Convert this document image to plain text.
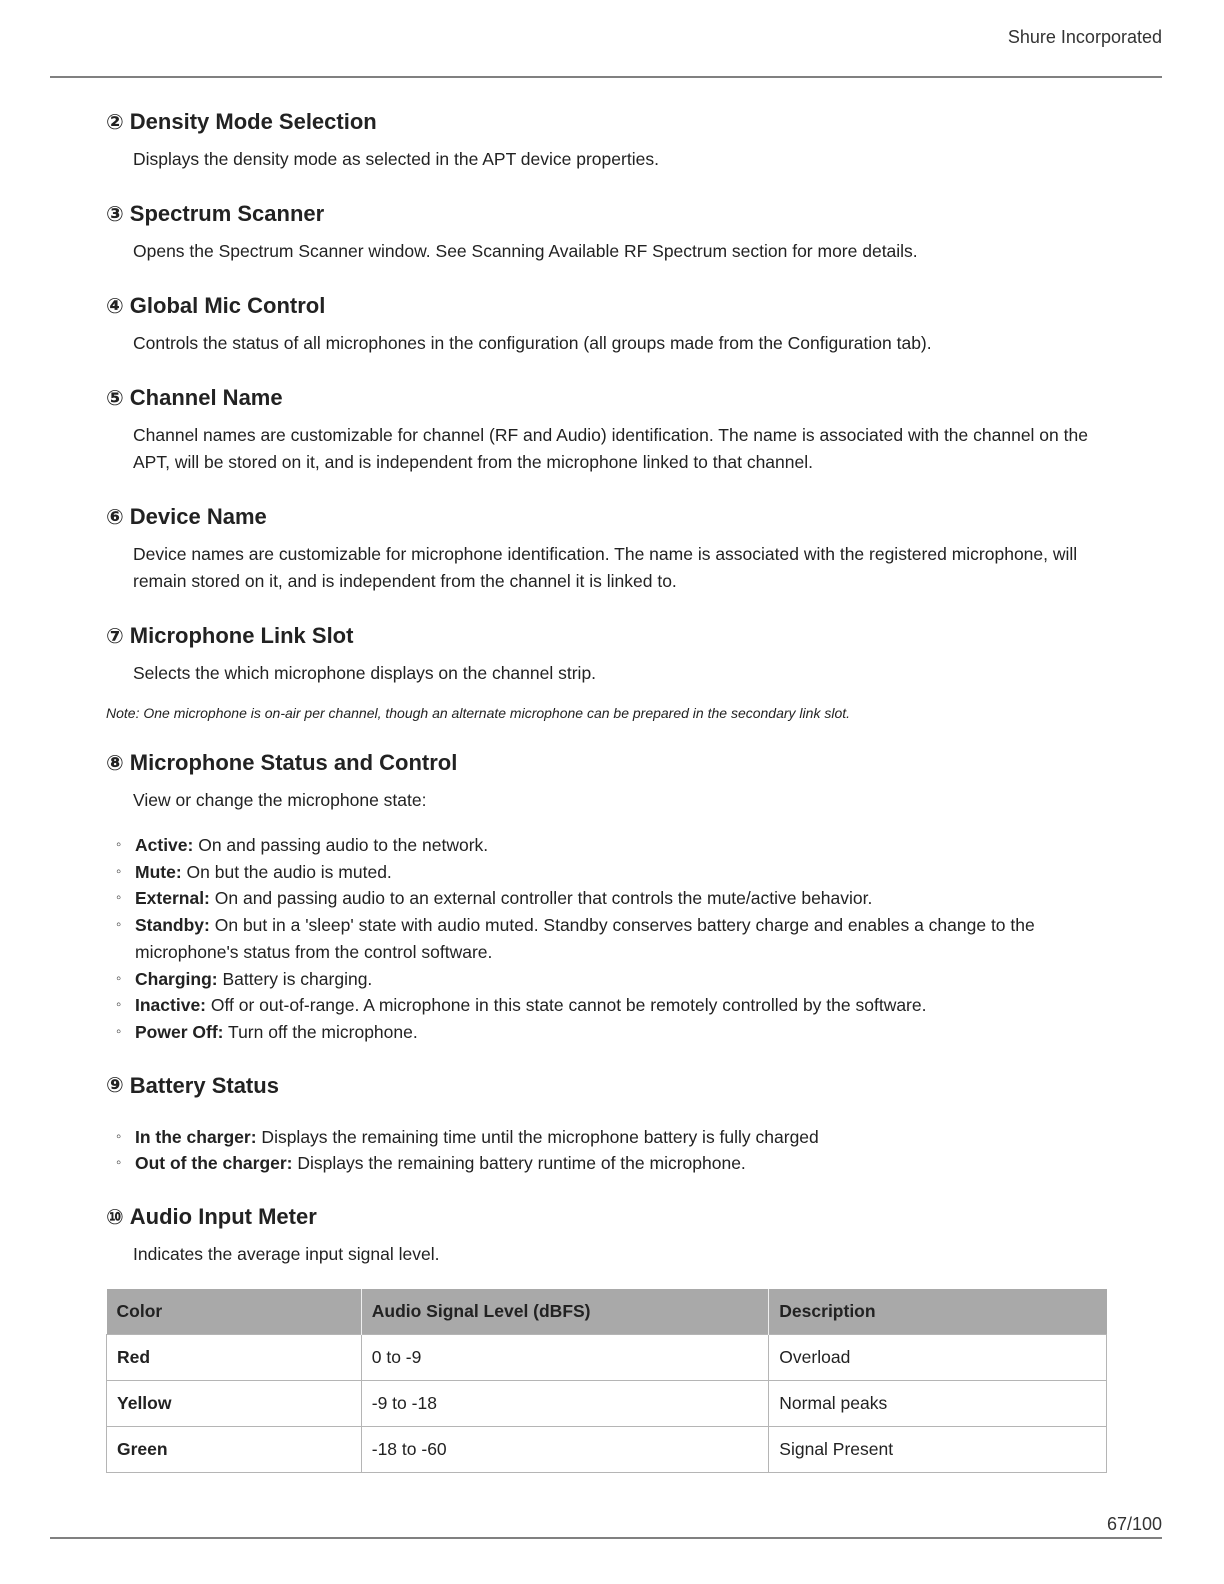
Shure Incorporated
② Density Mode Selection

Displays the density mode as selected in the APT device properties.

③ Spectrum Scanner

Opens the Spectrum Scanner window. See Scanning Available RF Spectrum section for more details.

④ Global Mic Control

Controls the status of all microphones in the configuration (all groups made from the Configuration tab).

⑤ Channel Name

Channel names are customizable for channel (RF and Audio) identification. The name is associated with the channel on the APT, will be stored on it, and is independent from the microphone linked to that channel.

⑥ Device Name

Device names are customizable for microphone identification. The name is associated with the registered microphone, will remain stored on it, and is independent from the channel it is linked to.

⑦ Microphone Link Slot

Selects the which microphone displays on the channel strip.

Note: One microphone is on-air per channel, though an alternate microphone can be prepared in the secondary link slot.

⑧ Microphone Status and Control

View or change the microphone state:

◦ Active: On and passing audio to the network.
◦ Mute: On but the audio is muted.
◦ External: On and passing audio to an external controller that controls the mute/active behavior.
◦ Standby: On but in a 'sleep' state with audio muted. Standby conserves battery charge and enables a change to the microphone's status from the control software.
◦ Charging: Battery is charging.
◦ Inactive: Off or out-of-range. A microphone in this state cannot be remotely controlled by the software.
◦ Power Off: Turn off the microphone.
⑨ Battery Status
◦ In the charger: Displays the remaining time until the microphone battery is fully charged
◦ Out of the charger: Displays the remaining battery runtime of the microphone.
⑩ Audio Input Meter

Indicates the average input signal level.

Color	Audio Signal Level (dBFS)	Description
Red	0 to -9	Overload
Yellow	-9 to -18	Normal peaks
Green	-18 to -60	Signal Present
67/100
